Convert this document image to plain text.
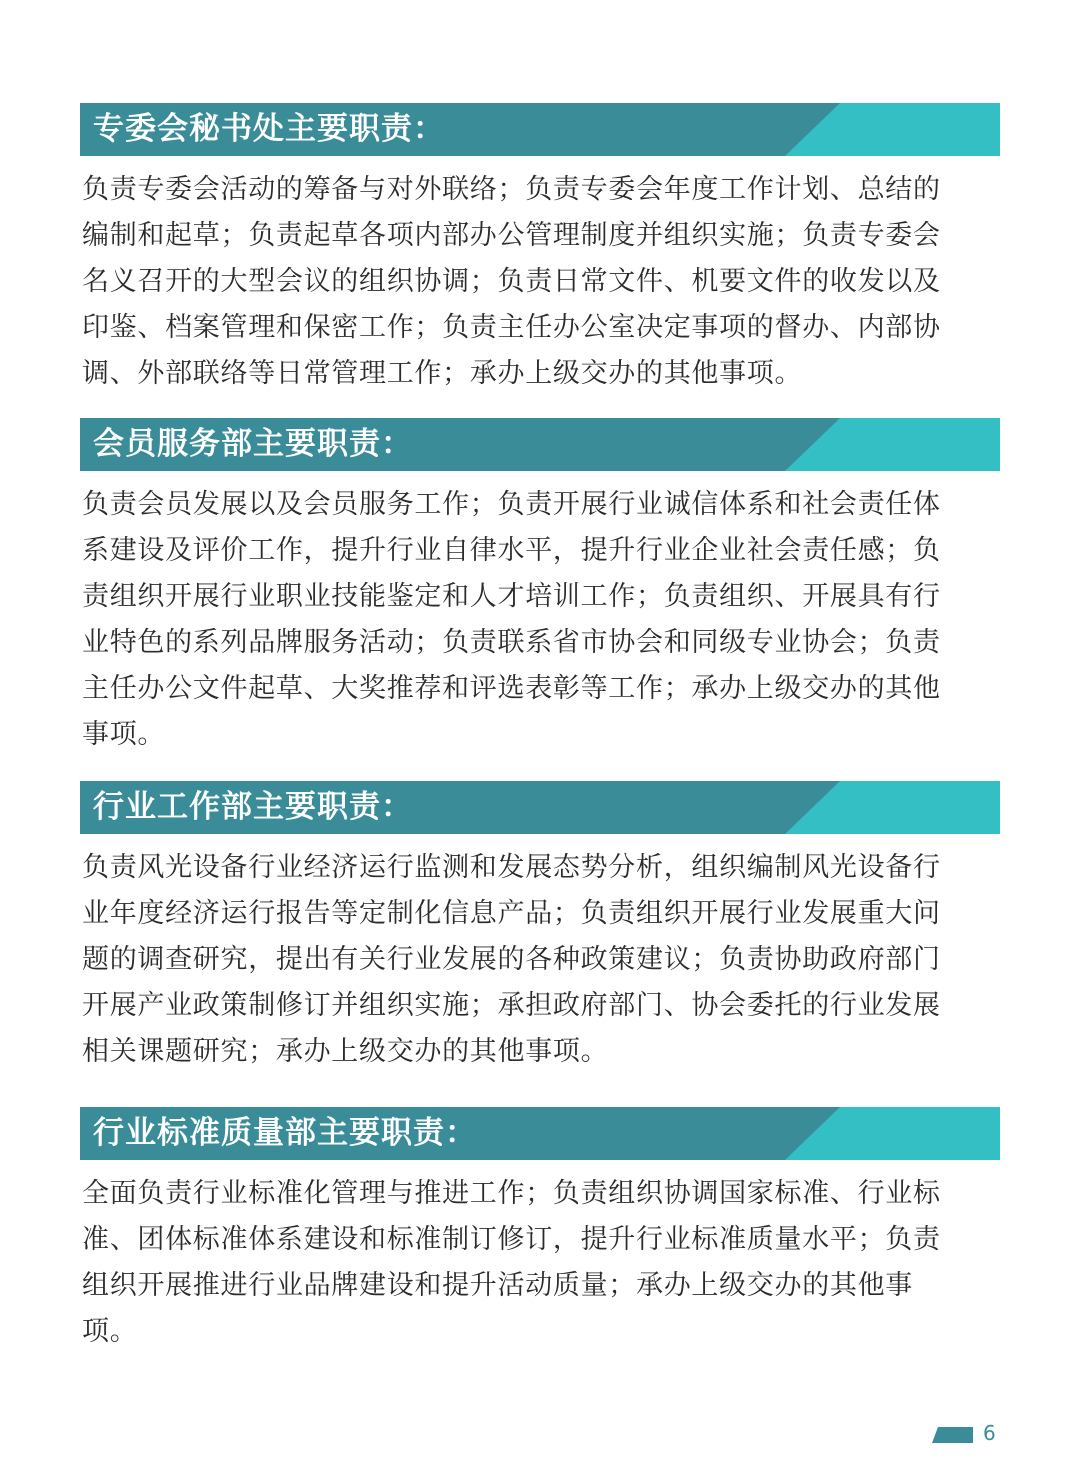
专委会秘书处主要职责：
负责专委会活动的筹备与对外联络；负责专委会年度工作计划、总结的
编制和起草；负责起草各项内部办公管理制度并组织实施；负责专委会
名义召开的大型会议的组织协调；负责日常文件、机要文件的收发以及
印鉴、档案管理和保密工作；负责主任办公室决定事项的督办、内部协
调、外部联络等日常管理工作；承办上级交办的其他事项。
会员服务部主要职责：
负责会员发展以及会员服务工作；负责开展行业诚信体系和社会责任体
系建设及评价工作，提升行业自律水平，提升行业企业社会责任感；负
责组织开展行业职业技能鉴定和人才培训工作；负责组织、开展具有行
业特色的系列品牌服务活动；负责联系省市协会和同级专业协会；负责
主任办公文件起草、大奖推荐和评选表彰等工作；承办上级交办的其他
事项。
行业工作部主要职责：
负责风光设备行业经济运行监测和发展态势分析，组织编制风光设备行
业年度经济运行报告等定制化信息产品；负责组织开展行业发展重大问
题的调查研究，提出有关行业发展的各种政策建议；负责协助政府部门
开展产业政策制修订并组织实施；承担政府部门、协会委托的行业发展
相关课题研究；承办上级交办的其他事项。
行业标准质量部主要职责：
全面负责行业标准化管理与推进工作；负责组织协调国家标准、行业标
准、团体标准体系建设和标准制订修订，提升行业标准质量水平；负责
组织开展推进行业品牌建设和提升活动质量；承办上级交办的其他事
项。
6
